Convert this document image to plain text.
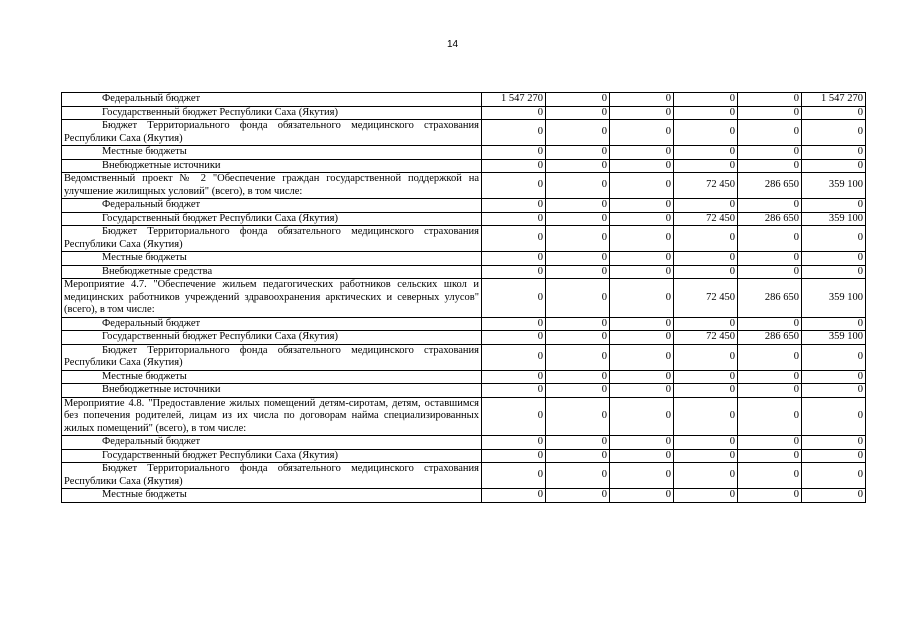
14
Федеральный бюджет	1 547 270	0	0	0	0	1 547 270
Государственный бюджет Республики Саха (Якутия)	0	0	0	0	0	0
Бюджет Территориального фонда обязательного медицинского страхования Республики Саха (Якутия)	0	0	0	0	0	0
Местные бюджеты	0	0	0	0	0	0
Внебюджетные источники	0	0	0	0	0	0
Ведомственный проект № 2 "Обеспечение граждан государственной поддержкой на улучшение жилищных условий" (всего), в том числе:	0	0	0	72 450	286 650	359 100
Федеральный бюджет	0	0	0	0	0	0
Государственный бюджет Республики Саха (Якутия)	0	0	0	72 450	286 650	359 100
Бюджет Территориального фонда обязательного медицинского страхования Республики Саха (Якутия)	0	0	0	0	0	0
Местные бюджеты	0	0	0	0	0	0
Внебюджетные средства	0	0	0	0	0	0
Мероприятие 4.7. "Обеспечение жильем педагогических работников сельских школ и медицинских работников учреждений здравоохранения арктических и северных улусов" (всего), в том числе:	0	0	0	72 450	286 650	359 100
Федеральный бюджет	0	0	0	0	0	0
Государственный бюджет Республики Саха (Якутия)	0	0	0	72 450	286 650	359 100
Бюджет Территориального фонда обязательного медицинского страхования Республики Саха (Якутия)	0	0	0	0	0	0
Местные бюджеты	0	0	0	0	0	0
Внебюджетные источники	0	0	0	0	0	0
Мероприятие 4.8. "Предоставление жилых помещений детям-сиротам, детям, оставшимся без попечения родителей, лицам из их числа по договорам найма специализированных жилых помещений" (всего), в том числе:	0	0	0	0	0	0
Федеральный бюджет	0	0	0	0	0	0
Государственный бюджет Республики Саха (Якутия)	0	0	0	0	0	0
Бюджет Территориального фонда обязательного медицинского страхования Республики Саха (Якутия)	0	0	0	0	0	0
Местные бюджеты	0	0	0	0	0	0
